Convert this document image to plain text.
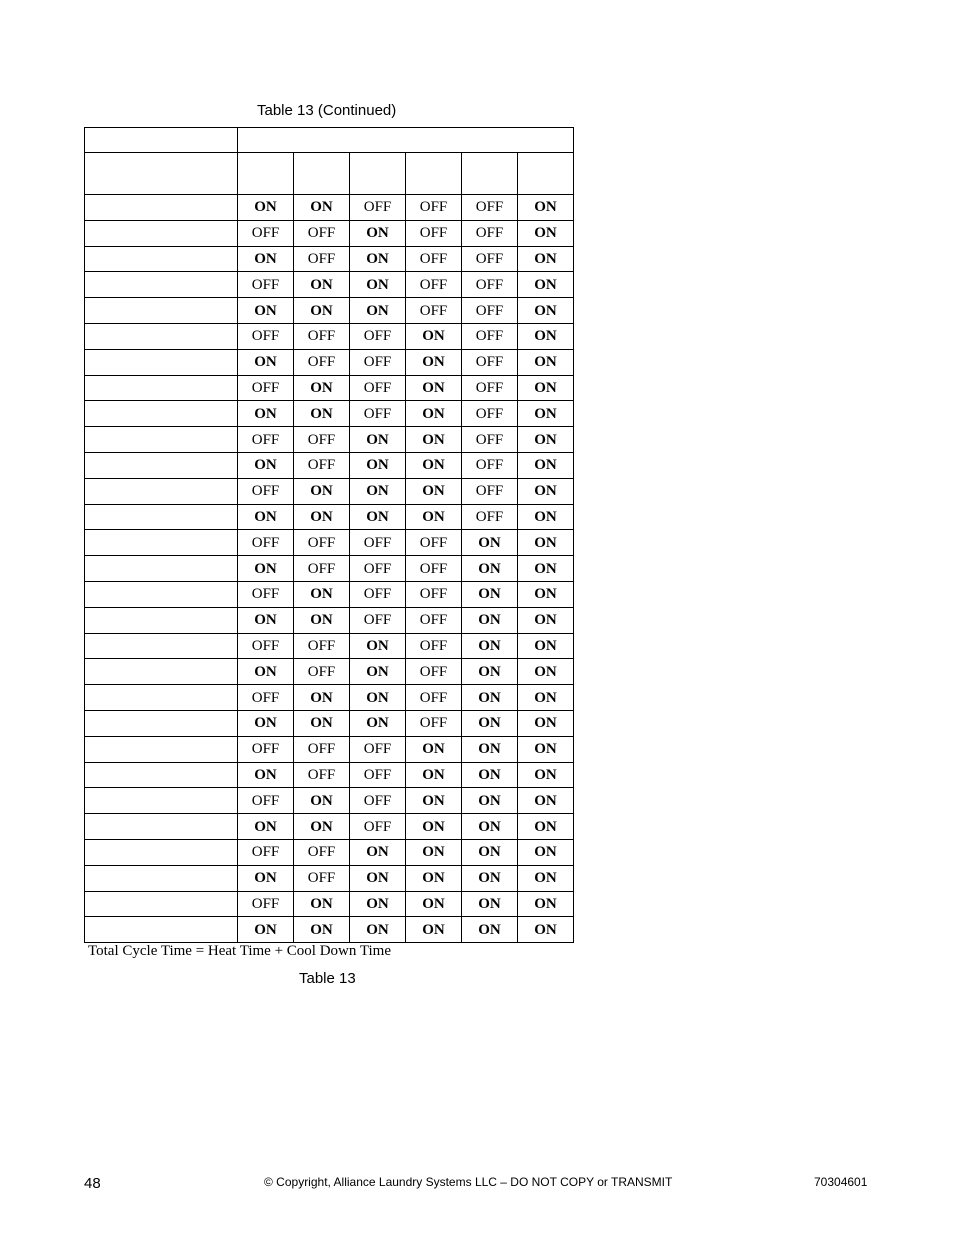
Table 13 (Continued)

	ON	ON	OFF	OFF	OFF	ON
	OFF	OFF	ON	OFF	OFF	ON
	ON	OFF	ON	OFF	OFF	ON
	OFF	ON	ON	OFF	OFF	ON
	ON	ON	ON	OFF	OFF	ON
	OFF	OFF	OFF	ON	OFF	ON
	ON	OFF	OFF	ON	OFF	ON
	OFF	ON	OFF	ON	OFF	ON
	ON	ON	OFF	ON	OFF	ON
	OFF	OFF	ON	ON	OFF	ON
	ON	OFF	ON	ON	OFF	ON
	OFF	ON	ON	ON	OFF	ON
	ON	ON	ON	ON	OFF	ON
	OFF	OFF	OFF	OFF	ON	ON
	ON	OFF	OFF	OFF	ON	ON
	OFF	ON	OFF	OFF	ON	ON
	ON	ON	OFF	OFF	ON	ON
	OFF	OFF	ON	OFF	ON	ON
	ON	OFF	ON	OFF	ON	ON
	OFF	ON	ON	OFF	ON	ON
	ON	ON	ON	OFF	ON	ON
	OFF	OFF	OFF	ON	ON	ON
	ON	OFF	OFF	ON	ON	ON
	OFF	ON	OFF	ON	ON	ON
	ON	ON	OFF	ON	ON	ON
	OFF	OFF	ON	ON	ON	ON
	ON	OFF	ON	ON	ON	ON
	OFF	ON	ON	ON	ON	ON
	ON	ON	ON	ON	ON	ON
Total Cycle Time = Heat Time + Cool Down Time
Table 13
48	© Copyright, Alliance Laundry Systems LLC – DO NOT COPY or TRANSMIT	70304601
